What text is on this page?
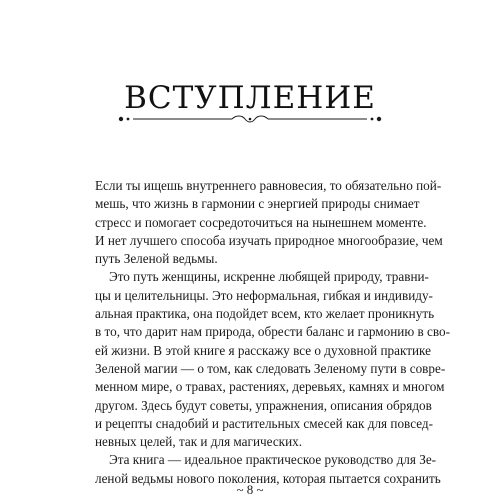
ВСТУПЛЕНИЕ
Если ты ищешь внутреннего равновесия, то обязательно пой-
мешь, что жизнь в гармонии с энергией природы снимает
стресс и помогает сосредоточиться на нынешнем моменте.
И нет лучшего способа изучать природное многообразие, чем
путь Зеленой ведьмы.
Это путь женщины, искренне любящей природу, травни-
цы и целительницы. Это неформальная, гибкая и индивиду-
альная практика, она подойдет всем, кто желает проникнуть
в то, что дарит нам природа, обрести баланс и гармонию в сво-
ей жизни. В этой книге я расскажу все о духовной практике
Зеленой магии — о том, как следовать Зеленому пути в совре-
менном мире, о травах, растениях, деревьях, камнях и многом
другом. Здесь будут советы, упражнения, описания обрядов
и рецепты снадобий и растительных смесей как для повсед-
невных целей, так и для магических.
Эта книга — идеальное практическое руководство для Зе-
леной ведьмы нового поколения, которая пытается сохранить
~ 8 ~
